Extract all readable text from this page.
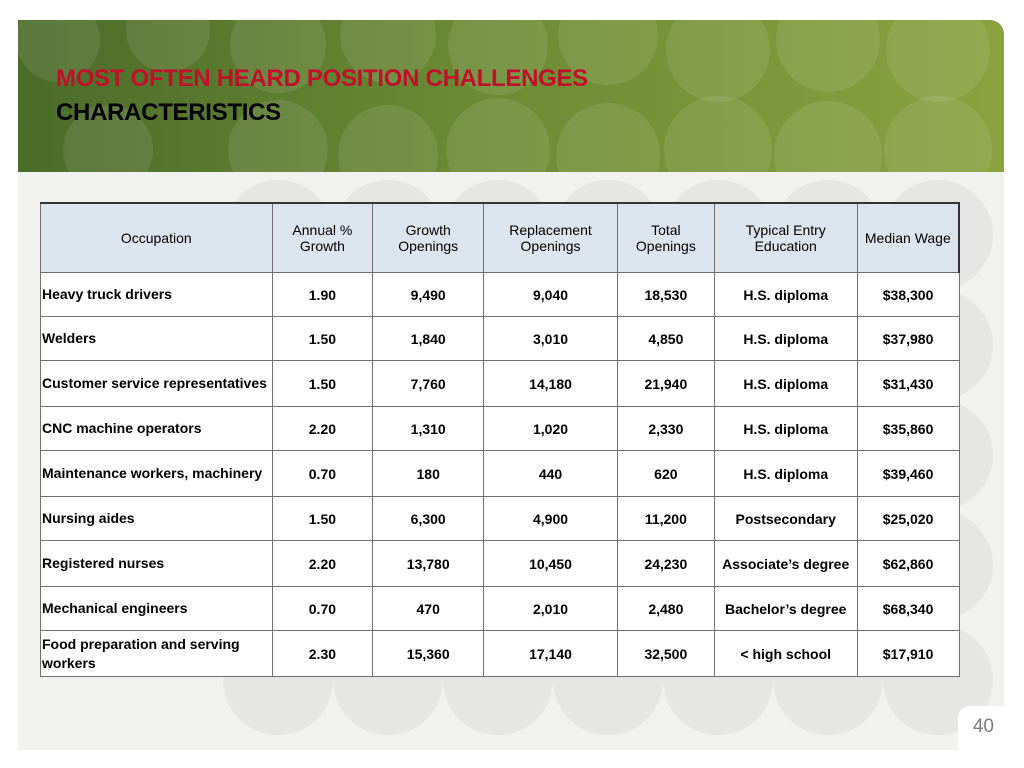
MOST OFTEN HEARD POSITION CHALLENGES
CHARACTERISTICS
Occupation	Annual % Growth	Growth Openings	Replacement Openings	Total Openings	Typical Entry Education	Median Wage
Heavy truck drivers	1.90	9,490	9,040	18,530	H.S. diploma	$38,300
Welders	1.50	1,840	3,010	4,850	H.S. diploma	$37,980
Customer service representatives	1.50	7,760	14,180	21,940	H.S. diploma	$31,430
CNC machine operators	2.20	1,310	1,020	2,330	H.S. diploma	$35,860
Maintenance workers, machinery	0.70	180	440	620	H.S. diploma	$39,460
Nursing aides	1.50	6,300	4,900	11,200	Postsecondary	$25,020
Registered nurses	2.20	13,780	10,450	24,230	Associate’s degree	$62,860
Mechanical engineers	0.70	470	2,010	2,480	Bachelor’s degree	$68,340
Food preparation and serving workers	2.30	15,360	17,140	32,500	< high school	$17,910
40
